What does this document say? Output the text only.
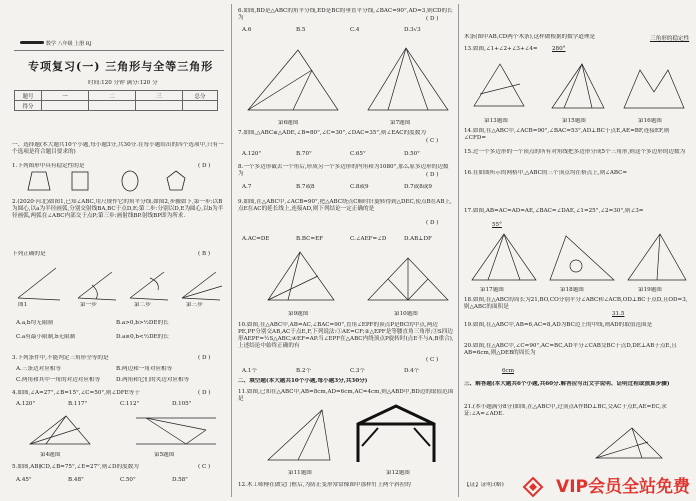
数学 八年级 上册 RJ
专项复习(一) 三角形与全等三角形
时间:120 分钟 满分:120 分
题号	一	二	三	总分
得分				
一、选择题(本大题共10个小题,每小题3分,共30分.在每小题给出的四个选项中,只有一个选项是符合题目要求的)
1.下列图形中具有稳定性的是	( D )
2.(2020·河北)如图1,已知∠ABC,用尺规作它的角平分线.如图2,步骤如下,第一步:以B为圆心,以a为半径画弧,分别交射线BA,BC于点D,E;第二步:分别以D,E为圆心,以b为半径画弧,两弧在∠ABC内部交于点P;第三步:画射线BP.射线BP即为所求.
下列正确的是	( B )
图1	第一步	第二步	第三步
A.a,b均无限制	B.a>0,b>½DE的长
C.a有最小限制,b无限制	D.a≥0,b<½DE的长
3.下列条件中,不能判定三角形全等的是	( D )
A.三条边对应相等	B.两边和一角对应相等
C.两角和其中一角的对边对应相等	D.两角和它们的夹边对应相等
4.如图,∠A=27°,∠B=15°,∠C=50°,则∠DFE等于	( D )
A.120°	B.117°	C.112°	D.105°
第4题图	第5题图
5.如图,AB∥CD,∠B=75°,∠E=27°,则∠D的度数为	( C )
A.45°	B.48°	C.50°	D.58°
6.如图,BD是△ABC的角平分线,ED是BC的垂直平分线,∠BAC=90°,AD=3,则CD的长为	( D )
A.6	B.5	C.4	D.3√3
第6题图	第7题图
7.如图,△ABC≌△ADE,∠B=80°,∠C=30°,∠DAC=35°,则∠EAC的度数为
( C )
A.120°	B.70°	C.65°	D.50°
8.一个多边形截去一个角后,形成另一个多边形的内角和为1080°,那么原多边形的边数为	( D )
A.7	B.7或8	C.8或9	D.7或8或9
9.如图,在△ABC中,∠ACB=90°,把△ABC绕点C顺时针旋转得到△DEC,使点B在AB上,点E在AC的延长线上,连接AD,则下列结论一定正确的是
( D )
A.AC=DE	B.BC=EF	C.∠AEF=∠D	D.AB⊥DF
第9题图	第10题图
10.如图,在△ABC中,AB=AC,∠BAC=90°,直角∠EPF的顶点P是BC的中点,两边PE,PF分别交AB,AC于点E,F,下列说法:①AE=CF;②△EPF是等腰直角三角形;③S四边形AEPF=½S△ABC;④EF=AP.当∠EPF在△ABC内绕顶点P旋转时(点E不与A,B重合),上述结论中始终正确的有
( C )
A.1个	B.2个	C.3个	D.4个
二、填空题(本大题共10个小题,每小题3分,共30分)
11.如图,已知在△ABC中,AB=8cm,AD=6cm,AC=4cm,则△ABD中,BD边的取值范围是
第11题图	第12题图
12.木工师傅在做完门框后,为防止变形常常像图中那样钉上两个斜拉的
木条(图中AB,CD两个木条),这样做根据的数学道理是	三角形的稳定性
13.如图,∠1+∠2+∠3+∠4=	280°
第13题图	第15题图	第16题图
14.如图,在△ABC中,∠ACB=90°,∠BAC=53°,AD⊥BC于点E,AE=BF,连接EF,则∠CFD=
15.过一个多边形的一个顶点的所有对角线把多边形分成5个三角形,则这个多边形的边数为
16.在如图所示的网格中,△ABC的三个顶点均在格点上,则∠ABC=
17.如图,AB=AC=AD=AE,∠BAC=∠DAE,∠1=25°,∠2=30°,则∠3=
55°
第17题图	第18题图	第19题图
18.如图,在△ABC的周长为21,BO,CO分别平分∠ABC和∠ACB,OD⊥BC于点D,且OD=3,则△ABC的面积是
31.5
19.如图,在△ABC中,AB=6,AC=8,AD为BC边上的中线,则AD的取值范围是
20.如图,在△ABC中,∠C=90°,AC=BC,AD平分∠CAB交BC于点D,DE⊥AB于点E,且AB=6cm,则△DEB的周长为
6cm
三、解答题(本大题共6个小题,共60分.解答应写出文字说明、证明过程或演算步骤)
21.(本小题满分8分)如图,在△ABC中,过顶点A作BD⊥BC,交AC于点E,AE=EC,求证:∠A=∠ADE.
【证】证明:(略)	VIP会员全站免费
